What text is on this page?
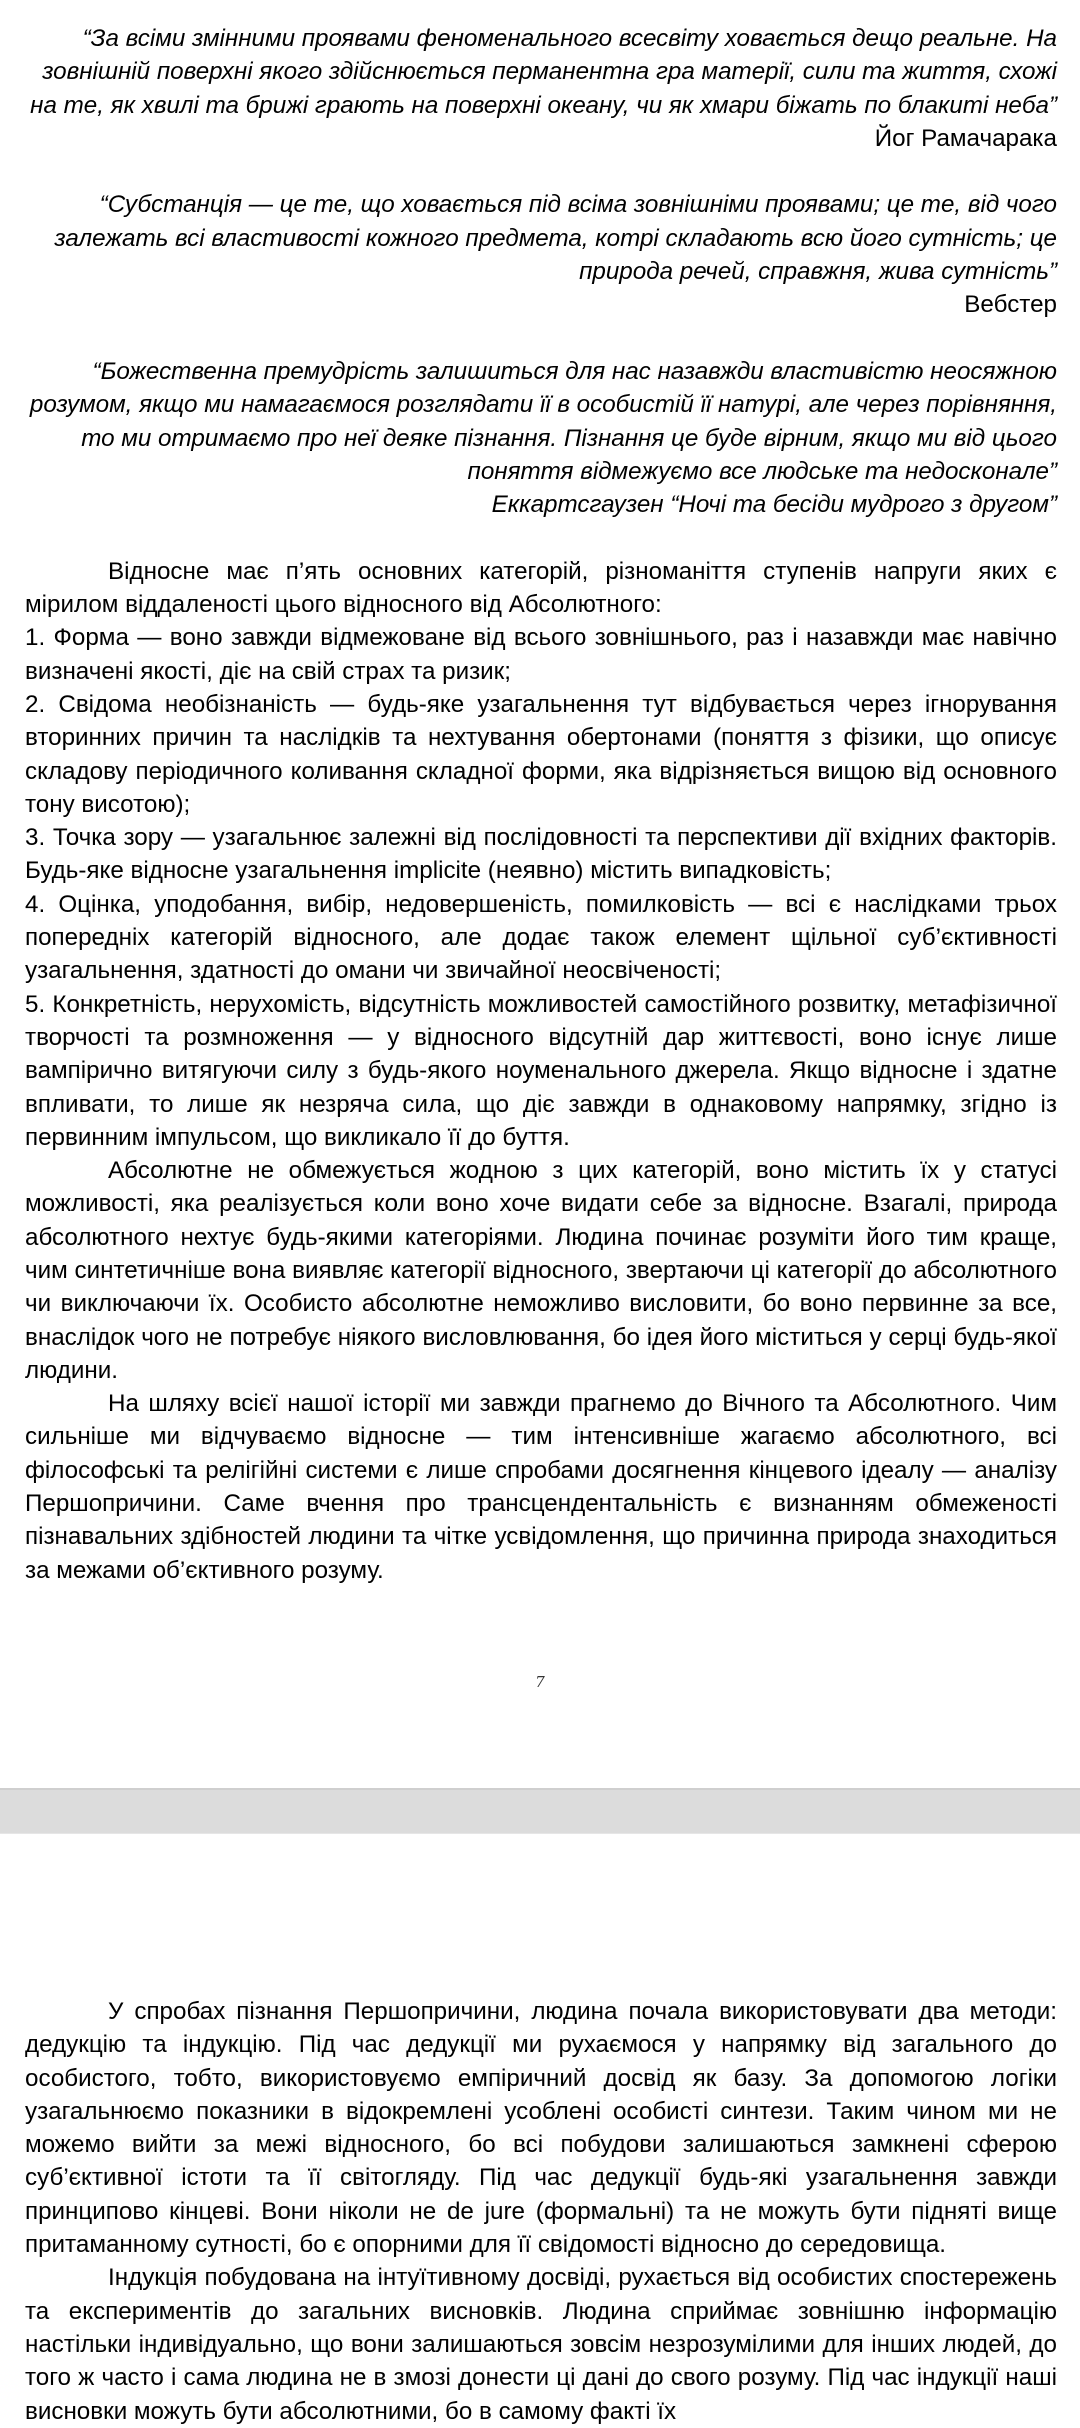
“За всіми змінними проявами феноменального всесвіту ховається дещо реальне. На зовнішній поверхні якого здійснюється перманентна гра матерії, сили та життя, схожі на те, як хвилі та брижі грають на поверхні океану, чи як хмари біжать по блакиті неба”
Йог Рамачарака

“Субстанція — це те, що ховається під всіма зовнішніми проявами; це те, від чого залежать всі властивості кожного предмета, котрі складають всю його сутність; це природа речей, справжня, жива сутність”
Вебстер

“Божественна премудрість залишиться для нас назавжди властивістю неосяжною розумом, якщо ми намагаємося розглядати її в особистій її натурі, але через порівняння, то ми отримаємо про неї деяке пізнання. Пізнання це буде вірним, якщо ми від цього поняття відмежуємо все людське та недосконале”
Еккартсгаузен “Ночі та бесіди мудрого з другом”

Відносне має п’ять основних категорій, різноманіття ступенів напруги яких є мірилом віддаленості цього відносного від Абсолютного:

1. Форма — воно завжди відмежоване від всього зовнішнього, раз і назавжди має навічно визначені якості, діє на свій страх та ризик;

2. Свідома необізнаність — будь-яке узагальнення тут відбувається через ігнорування вторинних причин та наслідків та нехтування обертонами (поняття з фізики, що описує складову періодичного коливання складної форми, яка відрізняється вищою від основного тону висотою);

3. Точка зору — узагальнює залежні від послідовності та перспективи дії вхідних факторів. Будь-яке відносне узагальнення implicite (неявно) містить випадковість;

4. Оцінка, уподобання, вибір, недовершеність, помилковість — всі є наслідками трьох попередніх категорій відносного, але додає також елемент щільної суб’єктивності узагальнення, здатності до омани чи звичайної неосвіченості;

5. Конкретність, нерухомість, відсутність можливостей самостійного розвитку, метафізичної творчості та розмноження — у відносного відсутній дар життєвості, воно існує лише вампірично витягуючи силу з будь-якого ноуменального джерела. Якщо відносне і здатне впливати, то лише як незряча сила, що діє завжди в однаковому напрямку, згідно із первинним імпульсом, що викликало її до буття.

Абсолютне не обмежується жодною з цих категорій, воно містить їх у статусі можливості, яка реалізується коли воно хоче видати себе за відносне. Взагалі, природа абсолютного нехтує будь-якими категоріями. Людина починає розуміти його тим краще, чим синтетичніше вона виявляє категорії відносного, звертаючи ці категорії до абсолютного чи виключаючи їх. Особисто абсолютне неможливо висловити, бо воно первинне за все, внаслідок чого не потребує ніякого висловлювання, бо ідея його міститься у серці будь-якої людини.

На шляху всієї нашої історії ми завжди прагнемо до Вічного та Абсолютного. Чим сильніше ми відчуваємо відносне — тим інтенсивніше жагаємо абсолютного, всі філософські та релігійні системи є лише спробами досягнення кінцевого ідеалу — аналізу Першопричини. Саме вчення про трансцендентальність є визнанням обмеженості пізнавальних здібностей людини та чітке усвідомлення, що причинна природа знаходиться за межами об’єктивного розуму.

7

У спробах пізнання Першопричини, людина почала використовувати два методи: дедукцію та індукцію. Під час дедукції ми рухаємося у напрямку від загального до особистого, тобто, використовуємо емпіричний досвід як базу. За допомогою логіки узагальнюємо показники в відокремлені усоблені особисті синтези. Таким чином ми не можемо вийти за межі відносного, бо всі побудови залишаються замкнені сферою суб’єктивної істоти та її світогляду. Під час дедукції будь-які узагальнення завжди принципово кінцеві. Вони ніколи не de jure (формальні) та не можуть бути підняті вище притаманному сутності, бо є опорними для її свідомості відносно до середовища.

Індукція побудована на інтуїтивному досвіді, рухається від особистих спостережень та експериментів до загальних висновків. Людина сприймає зовнішню інформацію настільки індивідуально, що вони залишаються зовсім незрозумілими для інших людей, до того ж часто і сама людина не в змозі донести ці дані до свого розуму. Під час індукції наші висновки можуть бути абсолютними, бо в самому факті їх
